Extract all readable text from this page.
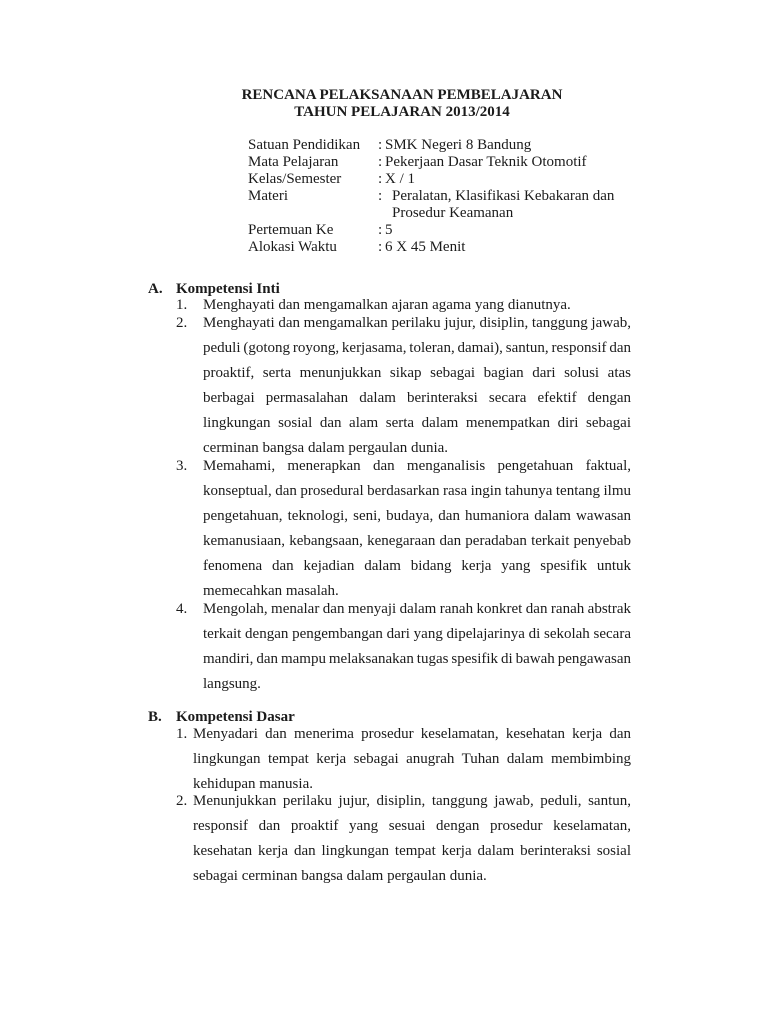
RENCANA PELAKSANAAN PEMBELAJARAN
TAHUN PELAJARAN 2013/2014
Satuan Pendidikan	: SMK Negeri 8 Bandung
Mata Pelajaran	: Pekerjaan Dasar Teknik Otomotif
Kelas/Semester	: X / 1
Materi	: Peralatan, Klasifikasi Kebakaran dan Prosedur Keamanan
Pertemuan Ke	: 5
Alokasi Waktu	: 6 X 45 Menit
A. Kompetensi Inti
1. Menghayati dan mengamalkan ajaran agama yang dianutnya.
2. Menghayati dan mengamalkan perilaku jujur, disiplin, tanggung jawab,
peduli (gotong royong, kerjasama, toleran, damai), santun, responsif dan
proaktif, serta menunjukkan sikap sebagai bagian dari solusi atas
berbagai permasalahan dalam berinteraksi secara efektif dengan
lingkungan sosial dan alam serta dalam menempatkan diri sebagai
cerminan bangsa dalam pergaulan dunia.
3. Memahami, menerapkan dan menganalisis pengetahuan faktual,
konseptual, dan prosedural berdasarkan rasa ingin tahunya tentang ilmu
pengetahuan, teknologi, seni, budaya, dan humaniora dalam wawasan
kemanusiaan, kebangsaan, kenegaraan dan peradaban terkait penyebab
fenomena dan kejadian dalam bidang kerja yang spesifik untuk
memecahkan masalah.
4. Mengolah, menalar dan menyaji dalam ranah konkret dan ranah abstrak
terkait dengan pengembangan dari yang dipelajarinya di sekolah secara
mandiri, dan mampu melaksanakan tugas spesifik di bawah pengawasan
langsung.
B. Kompetensi Dasar
1. Menyadari dan menerima prosedur keselamatan, kesehatan kerja dan
lingkungan tempat kerja sebagai anugrah Tuhan dalam membimbing
kehidupan manusia.
2. Menunjukkan perilaku jujur, disiplin, tanggung jawab, peduli, santun,
responsif dan proaktif yang sesuai dengan prosedur keselamatan,
kesehatan kerja dan lingkungan tempat kerja dalam berinteraksi sosial
sebagai cerminan bangsa dalam pergaulan dunia.
